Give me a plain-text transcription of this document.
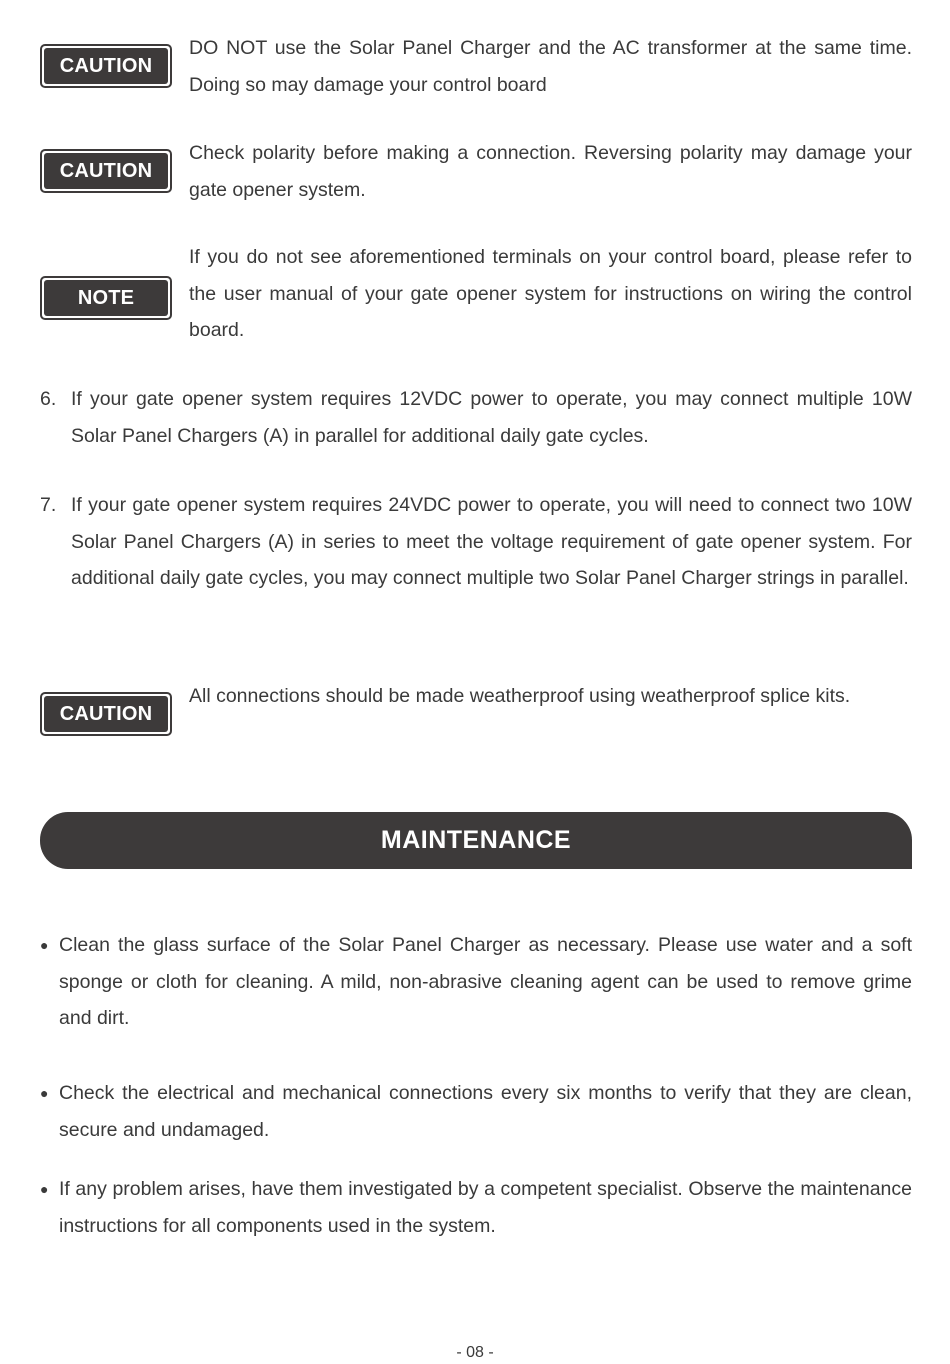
CAUTION

DO NOT use the Solar Panel Charger and the AC transformer at the same time. Doing so may damage your control board

CAUTION

Check polarity before making a connection. Reversing polarity may damage your gate opener system.

NOTE

If you do not see aforementioned terminals on your control board, please refer to the user manual of your gate opener system for instructions on wiring the control board.

6. If your gate opener system requires 12VDC power to operate, you may connect multiple 10W Solar Panel Chargers (A) in parallel for additional daily gate cycles.
7. If your gate opener system requires 24VDC power to operate, you will need to connect two 10W Solar Panel Chargers (A) in series to meet the voltage requirement of gate opener system. For additional daily gate cycles, you may connect multiple two Solar Panel Charger strings in parallel.
CAUTION

All connections should be made weatherproof using weatherproof splice kits.

MAINTENANCE
● Clean the glass surface of the Solar Panel Charger as necessary. Please use water and a soft sponge or cloth for cleaning. A mild, non-abrasive cleaning agent can be used to remove grime and dirt.
● Check the electrical and mechanical connections every six months to verify that they are clean, secure and undamaged.
● If any problem arises, have them investigated by a competent specialist. Observe the maintenance instructions for all components used in the system.
- 08 -
